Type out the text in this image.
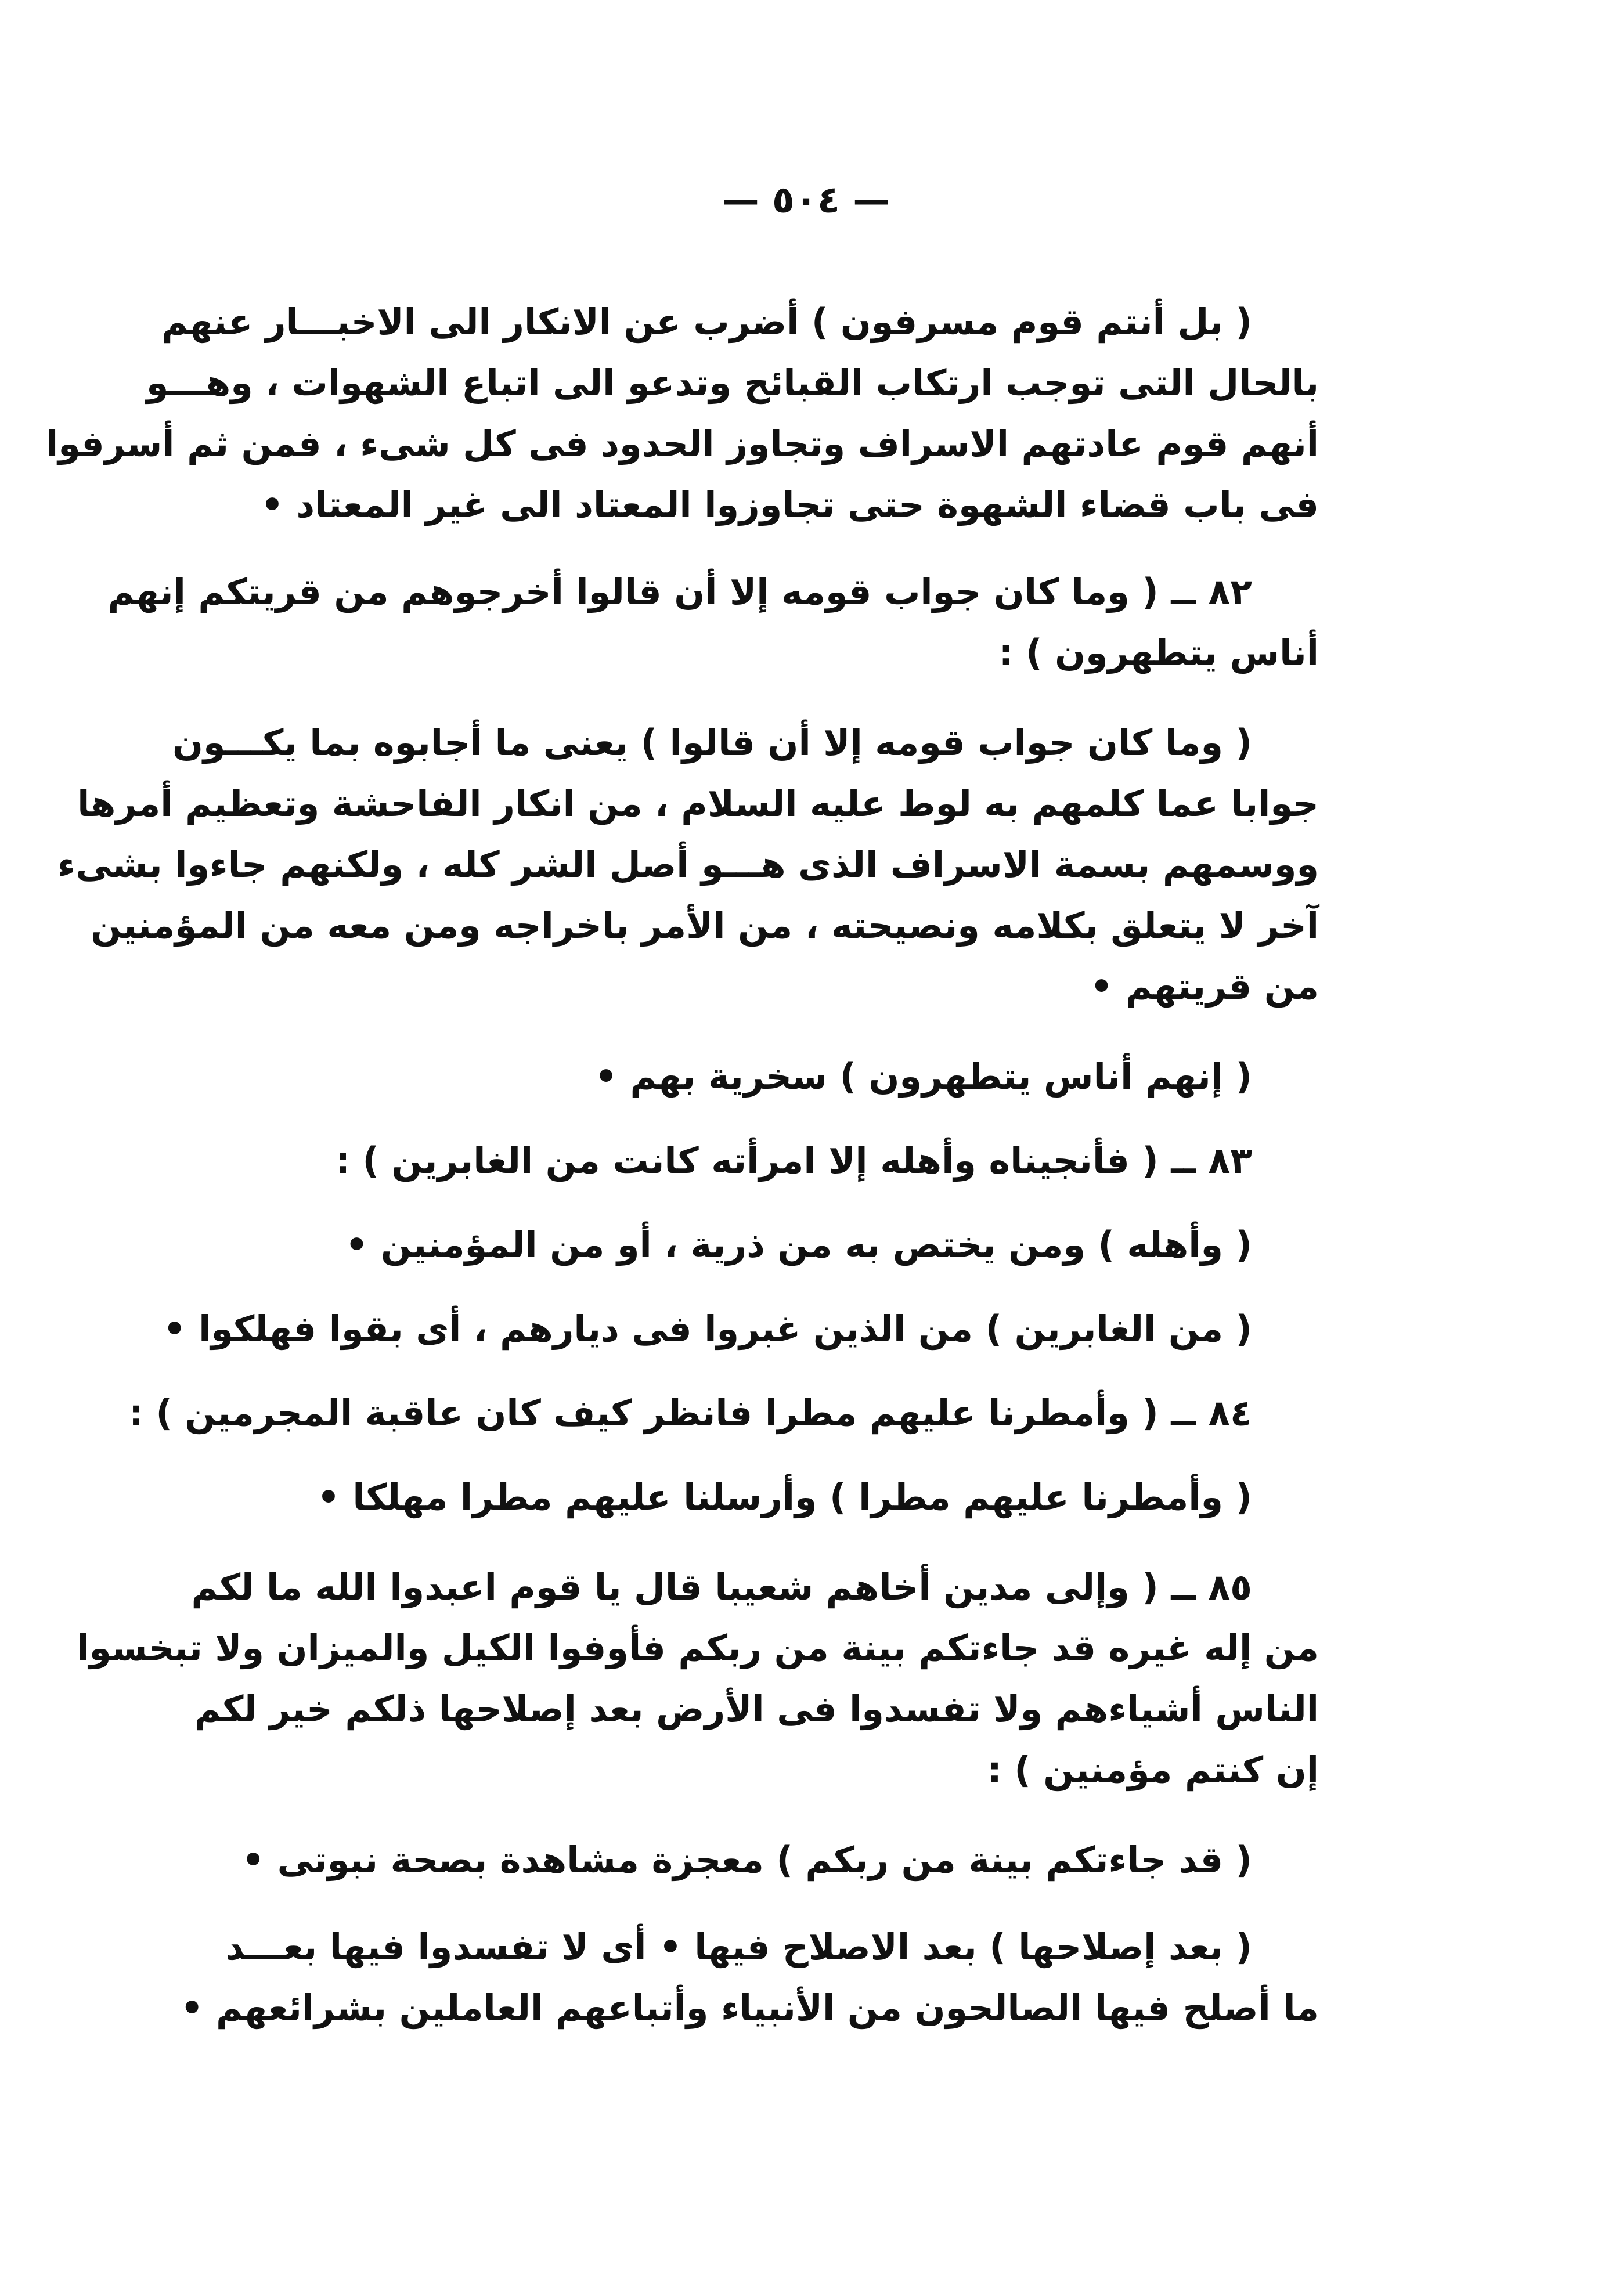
— ٥٠٤ —
( بل أنتم قوم مسرفون ) أضرب عن الانكار الى الاخبـــار عنهم
بالحال التى توجب ارتكاب القبائح وتدعو الى اتباع الشهوات ، وهـــو
أنهم قوم عادتهم الاسراف وتجاوز الحدود فى كل شىء ، فمن ثم أسرفوا
فى باب قضاء الشهوة حتى تجاوزوا المعتاد الى غير المعتاد •
٨٢ ــ ( وما كان جواب قومه إلا أن قالوا أخرجوهم من قريتكم إنهم
أناس يتطهرون ) :
( وما كان جواب قومه إلا أن قالوا ) يعنى ما أجابوه بما يكـــون
جوابا عما كلمهم به لوط عليه السلام ، من انكار الفاحشة وتعظيم أمرها
ووسمهم بسمة الاسراف الذى هـــو أصل الشر كله ، ولكنهم جاءوا بشىء
آخر لا يتعلق بكلامه ونصيحته ، من الأمر باخراجه ومن معه من المؤمنين
من قريتهم •
( إنهم أناس يتطهرون ) سخرية بهم •
٨٣ ــ ( فأنجيناه وأهله إلا امرأته كانت من الغابرين ) :
( وأهله ) ومن يختص به من ذرية ، أو من المؤمنين •
( من الغابرين ) من الذين غبروا فى ديارهم ، أى بقوا فهلكوا •
٨٤ ــ ( وأمطرنا عليهم مطرا فانظر كيف كان عاقبة المجرمين ) :
( وأمطرنا عليهم مطرا ) وأرسلنا عليهم مطرا مهلكا •
٨٥ ــ ( وإلى مدين أخاهم شعيبا قال يا قوم اعبدوا الله ما لكم
من إله غيره قد جاءتكم بينة من ربكم فأوفوا الكيل والميزان ولا تبخسوا
الناس أشياءهم ولا تفسدوا فى الأرض بعد إصلاحها ذلكم خير لكم
إن كنتم مؤمنين ) :
( قد جاءتكم بينة من ربكم ) معجزة مشاهدة بصحة نبوتى •
( بعد إصلاحها ) بعد الاصلاح فيها • أى لا تفسدوا فيها بعـــد
ما أصلح فيها الصالحون من الأنبياء وأتباعهم العاملين بشرائعهم •
